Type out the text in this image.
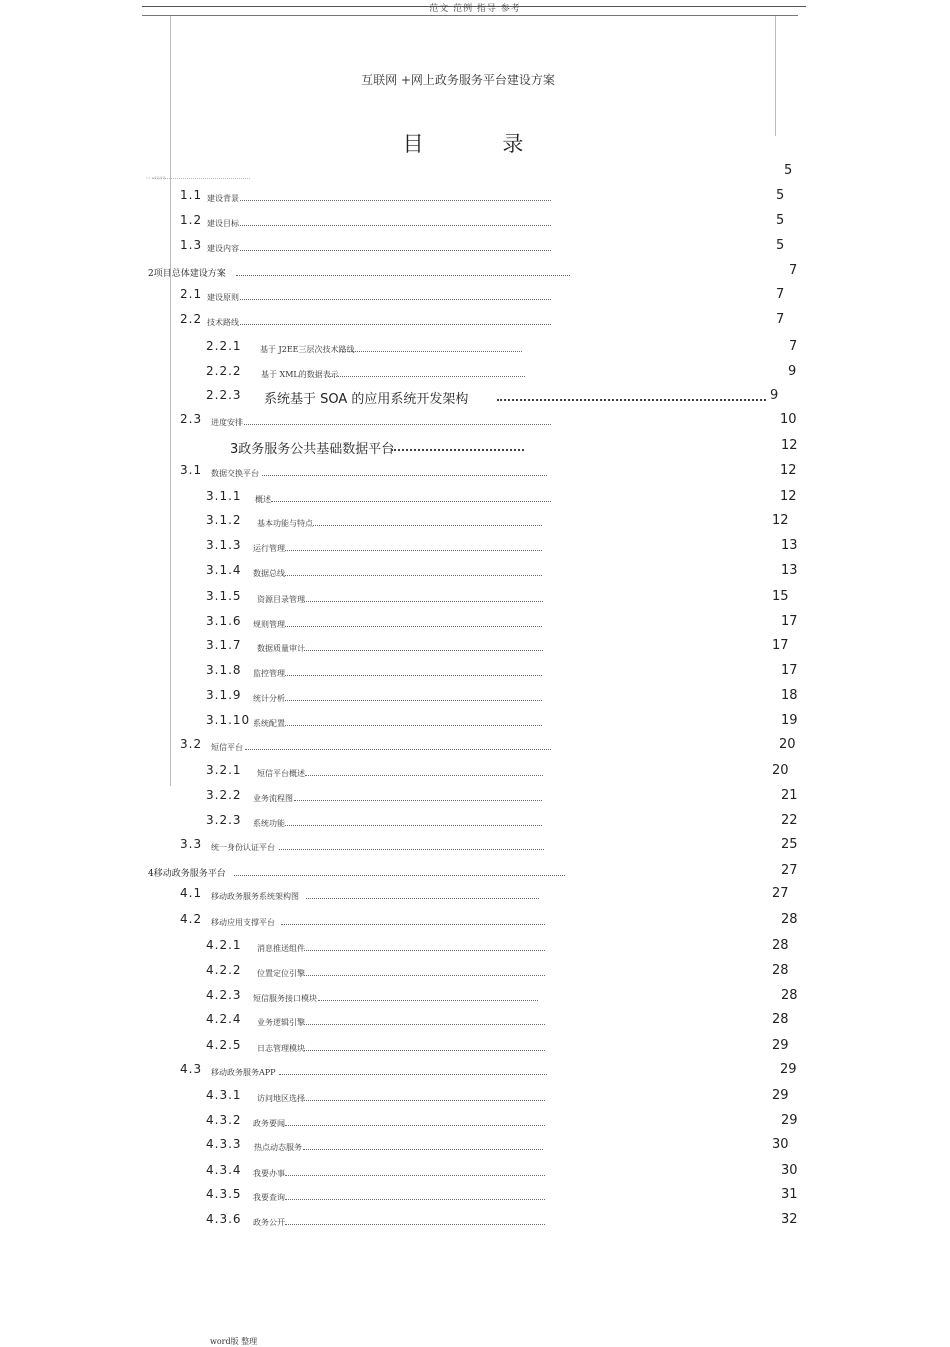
范文 范例 指导 参考
互联网 +网上政务服务平台建设方案
目 录
1.1.1项目背景	5
1.1 建设背景	5
1.2 建设目标	5
1.3 建设内容	5
2项目总体建设方案	7
2.1 建设原则	7
2.2 技术路线	7
2.2.1 基于 J2EE三层次技术路线	7
2.2.2 基于 XML的数据表示	9
2.2.3 系统基于 SOA 的应用系统开发架构	9
2.3 进度安排	10
3政务服务公共基础数据平台	12
3.1 数据交换平台	12
3.1.1 概述	12
3.1.2 基本功能与特点	12
3.1.3 运行管理	13
3.1.4 数据总线	13
3.1.5 资源目录管理	15
3.1.6 规则管理	17
3.1.7 数据质量审计	17
3.1.8 监控管理	17
3.1.9 统计分析	18
3.1.10 系统配置	19
3.2 短信平台	20
3.2.1 短信平台概述	20
3.2.2 业务流程图	21
3.2.3 系统功能	22
3.3 统一身份认证平台	25
4移动政务服务平台	27
4.1 移动政务服务系统架构图	27
4.2 移动应用支撑平台	28
4.2.1 消息推送组件	28
4.2.2 位置定位引擎	28
4.2.3 短信服务接口模块	28
4.2.4 业务逻辑引擎	28
4.2.5 日志管理模块	29
4.3 移动政务服务APP	29
4.3.1 访问地区选择	29
4.3.2 政务要闻	29
4.3.3 热点动态服务	30
4.3.4 我要办事	30
4.3.5 我要查询	31
4.3.6 政务公开	32
word版 整理
